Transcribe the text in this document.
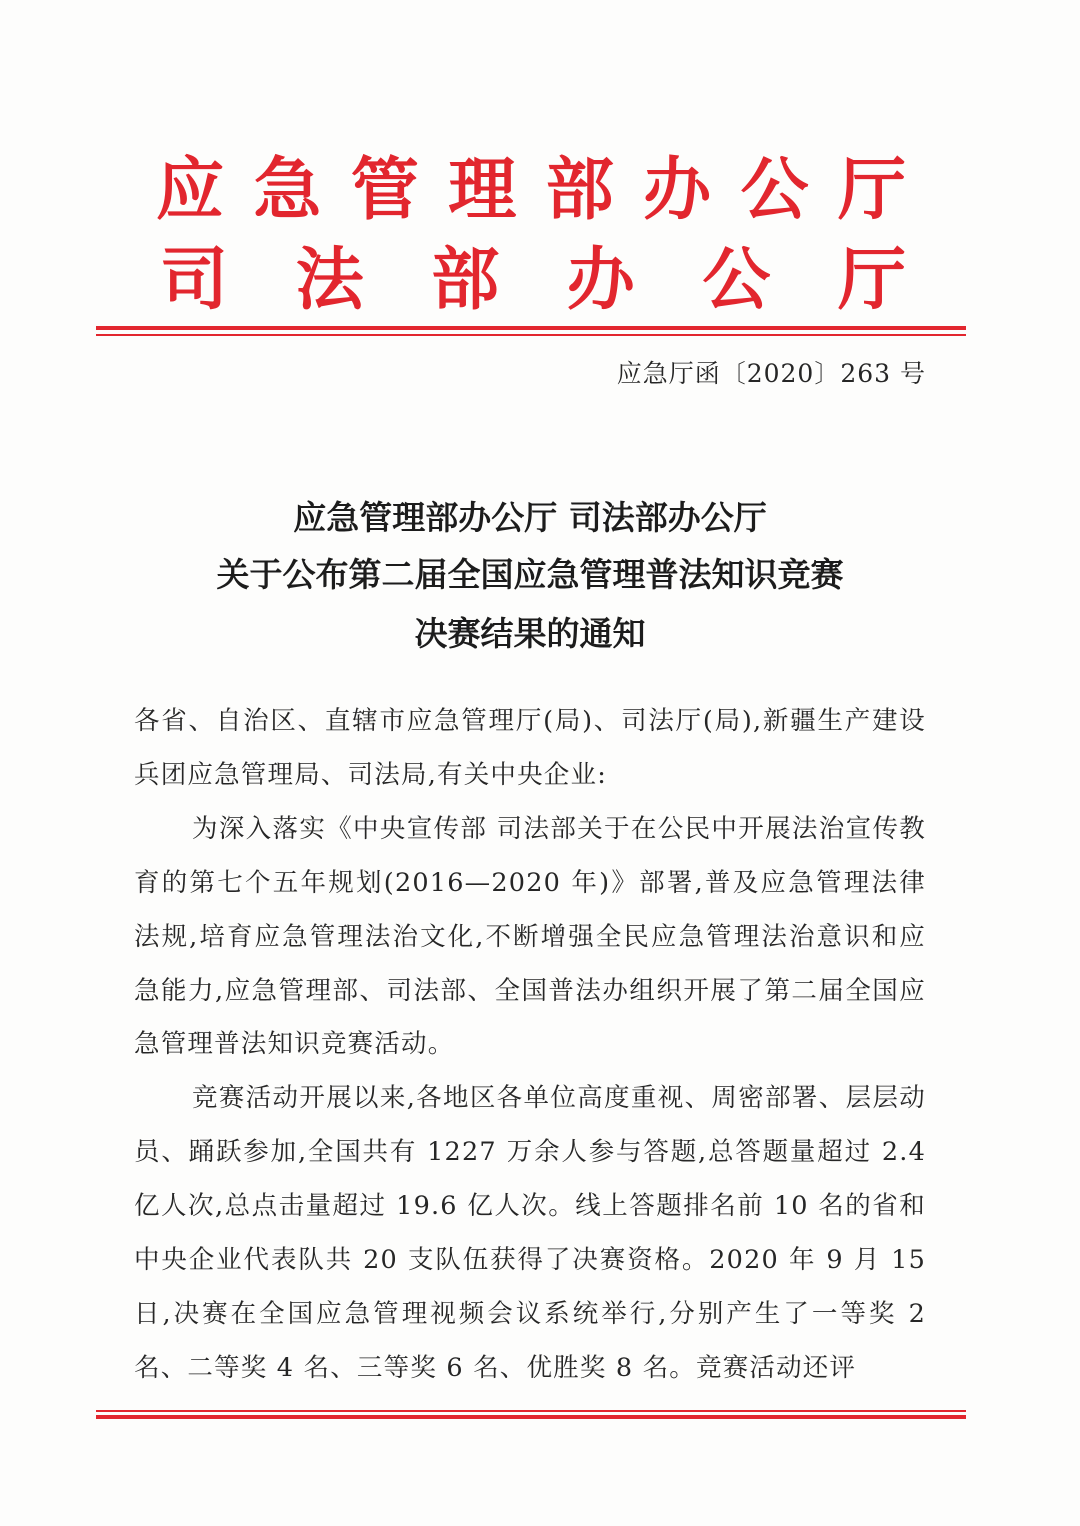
应急管理部办公厅
司法部办公厅
应急厅函〔2020〕263 号
应急管理部办公厅 司法部办公厅
关于公布第二届全国应急管理普法知识竞赛
决赛结果的通知

各省、自治区、直辖市应急管理厅(局)、司法厅(局),新疆生产建设兵团应急管理局、司法局,有关中央企业:

为深入落实《中央宣传部 司法部关于在公民中开展法治宣传教育的第七个五年规划(2016—2020 年)》部署,普及应急管理法律法规,培育应急管理法治文化,不断增强全民应急管理法治意识和应急能力,应急管理部、司法部、全国普法办组织开展了第二届全国应急管理普法知识竞赛活动。

竞赛活动开展以来,各地区各单位高度重视、周密部署、层层动员、踊跃参加,全国共有 1227 万余人参与答题,总答题量超过 2.4 亿人次,总点击量超过 19.6 亿人次。线上答题排名前 10 名的省和中央企业代表队共 20 支队伍获得了决赛资格。2020 年 9 月 15 日,决赛在全国应急管理视频会议系统举行,分别产生了一等奖 2 名、二等奖 4 名、三等奖 6 名、优胜奖 8 名。竞赛活动还评
